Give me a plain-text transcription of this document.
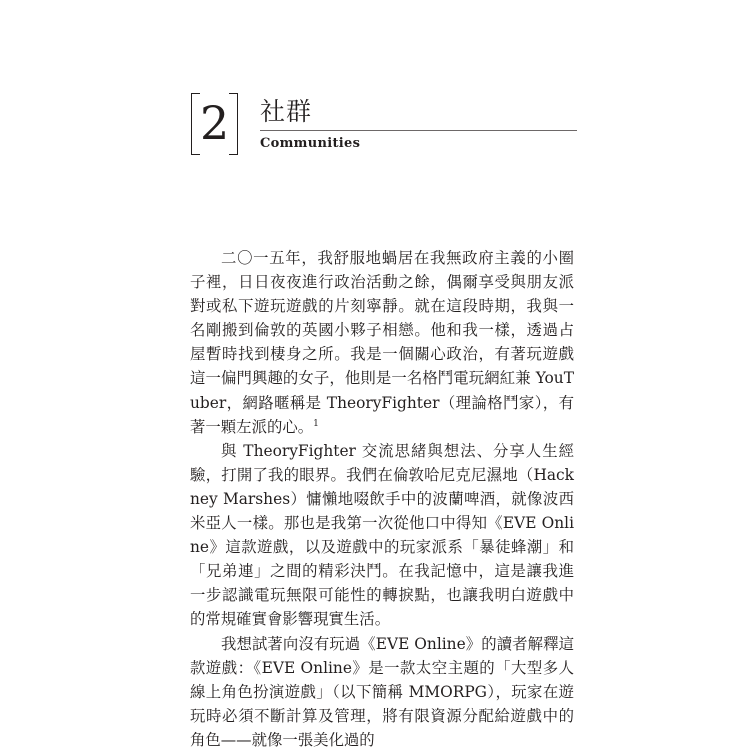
2 社群
Communities

二〇一五年，我舒服地蝸居在我無政府主義的小圈子裡，日日夜夜進行政治活動之餘，偶爾享受與朋友派對或私下遊玩遊戲的片刻寧靜。就在這段時期，我與一名剛搬到倫敦的英國小夥子相戀。他和我一樣，透過占屋暫時找到棲身之所。我是一個關心政治，有著玩遊戲這一偏門興趣的女子，他則是一名格鬥電玩網紅兼 YouTuber，網路暱稱是 TheoryFighter（理論格鬥家），有著一顆左派的心。$^1$

與 TheoryFighter 交流思緒與想法、分享人生經驗，打開了我的眼界。我們在倫敦哈尼克尼濕地（Hackney Marshes）慵懶地啜飲手中的波蘭啤酒，就像波西米亞人一樣。那也是我第一次從他口中得知《EVE Online》這款遊戲，以及遊戲中的玩家派系「暴徒蜂潮」和「兄弟連」之間的精彩決鬥。在我記憶中，這是讓我進一步認識電玩無限可能性的轉捩點，也讓我明白遊戲中的常規確實會影響現實生活。

我想試著向沒有玩過《EVE Online》的讀者解釋這款遊戲：《EVE Online》是一款太空主題的「大型多人線上角色扮演遊戲」（以下簡稱 MMORPG），玩家在遊玩時必須不斷計算及管理，將有限資源分配給遊戲中的角色——就像一張美化過的
